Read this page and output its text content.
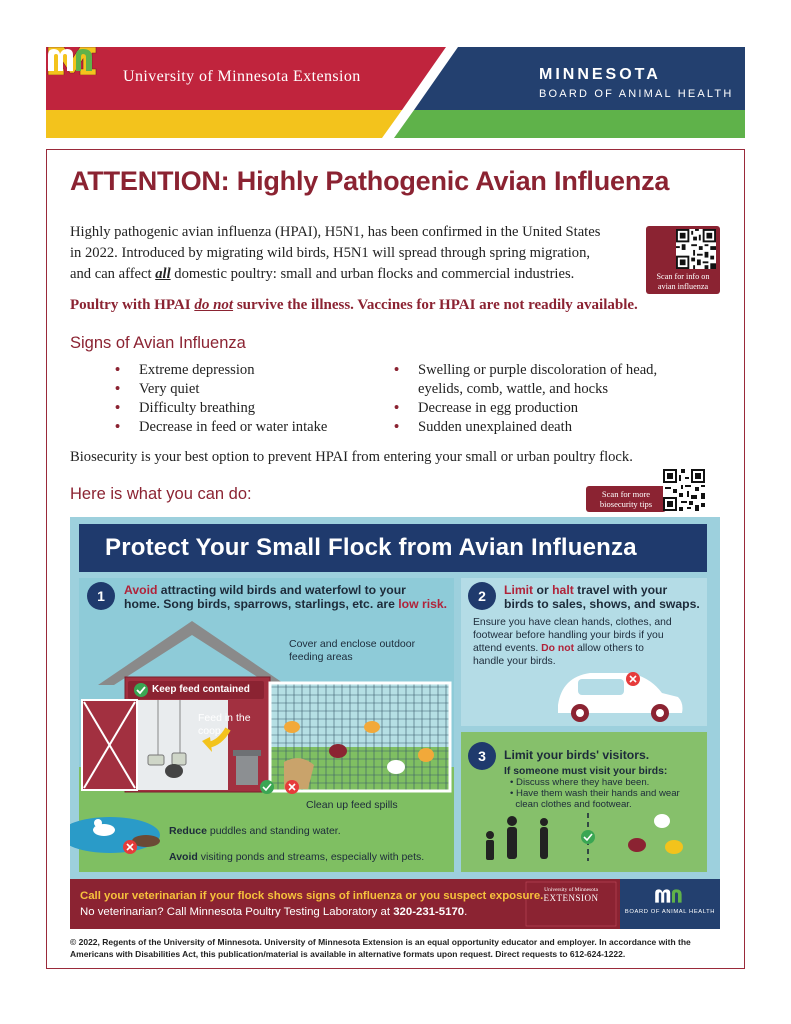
University of Minnesota Extension	MINNESOTA
BOARD OF ANIMAL HEALTH
ATTENTION: Highly Pathogenic Avian Influenza
Highly pathogenic avian influenza (HPAI), H5N1, has been confirmed in the United States
in 2022. Introduced by migrating wild birds, H5N1 will spread through spring migration,
and can affect all domestic poultry: small and urban flocks and commercial industries.	Scan for info on
avian influenza
Poultry with HPAI do not survive the illness. Vaccines for HPAI are not readily available.
Signs of Avian Influenza
• Extreme depression
• Very quiet
• Difficulty breathing
• Decrease in feed or water intake
• Swelling or purple discoloration of head,
eyelids, comb, wattle, and hocks
• Decrease in egg production
• Sudden unexplained death
Biosecurity is your best option to prevent HPAI from entering your small or urban poultry flock.
Here is what you can do:	Scan for more
biosecurity tips
Protect Your Small Flock from Avian Influenza
1	Avoid attracting wild birds and waterfowl to your
home. Song birds, sparrows, starlings, etc. are low risk.
Cover and enclose outdoor
feeding areas
Keep feed contained
Feed in the
coop
Clean up feed spills
Reduce puddles and standing water.
Avoid visiting ponds and streams, especially with pets.
2	Limit or halt travel with your
birds to sales, shows, and swaps.
Ensure you have clean hands, clothes, and
footwear before handling your birds if you
attend events. Do not allow others to
handle your birds.
3	Limit your birds' visitors.
If someone must visit your birds:
• Discuss where they have been.
• Have them wash their hands and wear
clean clothes and footwear.
Call your veterinarian if your flock shows signs of influenza or you suspect exposure.
No veterinarian? Call Minnesota Poultry Testing Laboratory at 320-231-5170.
University of Minnesota
EXTENSION
BOARD OF ANIMAL HEALTH
© 2022, Regents of the University of Minnesota. University of Minnesota Extension is an equal opportunity educator and employer. In accordance with the
Americans with Disabilities Act, this publication/material is available in alternative formats upon request. Direct requests to 612-624-1222.
